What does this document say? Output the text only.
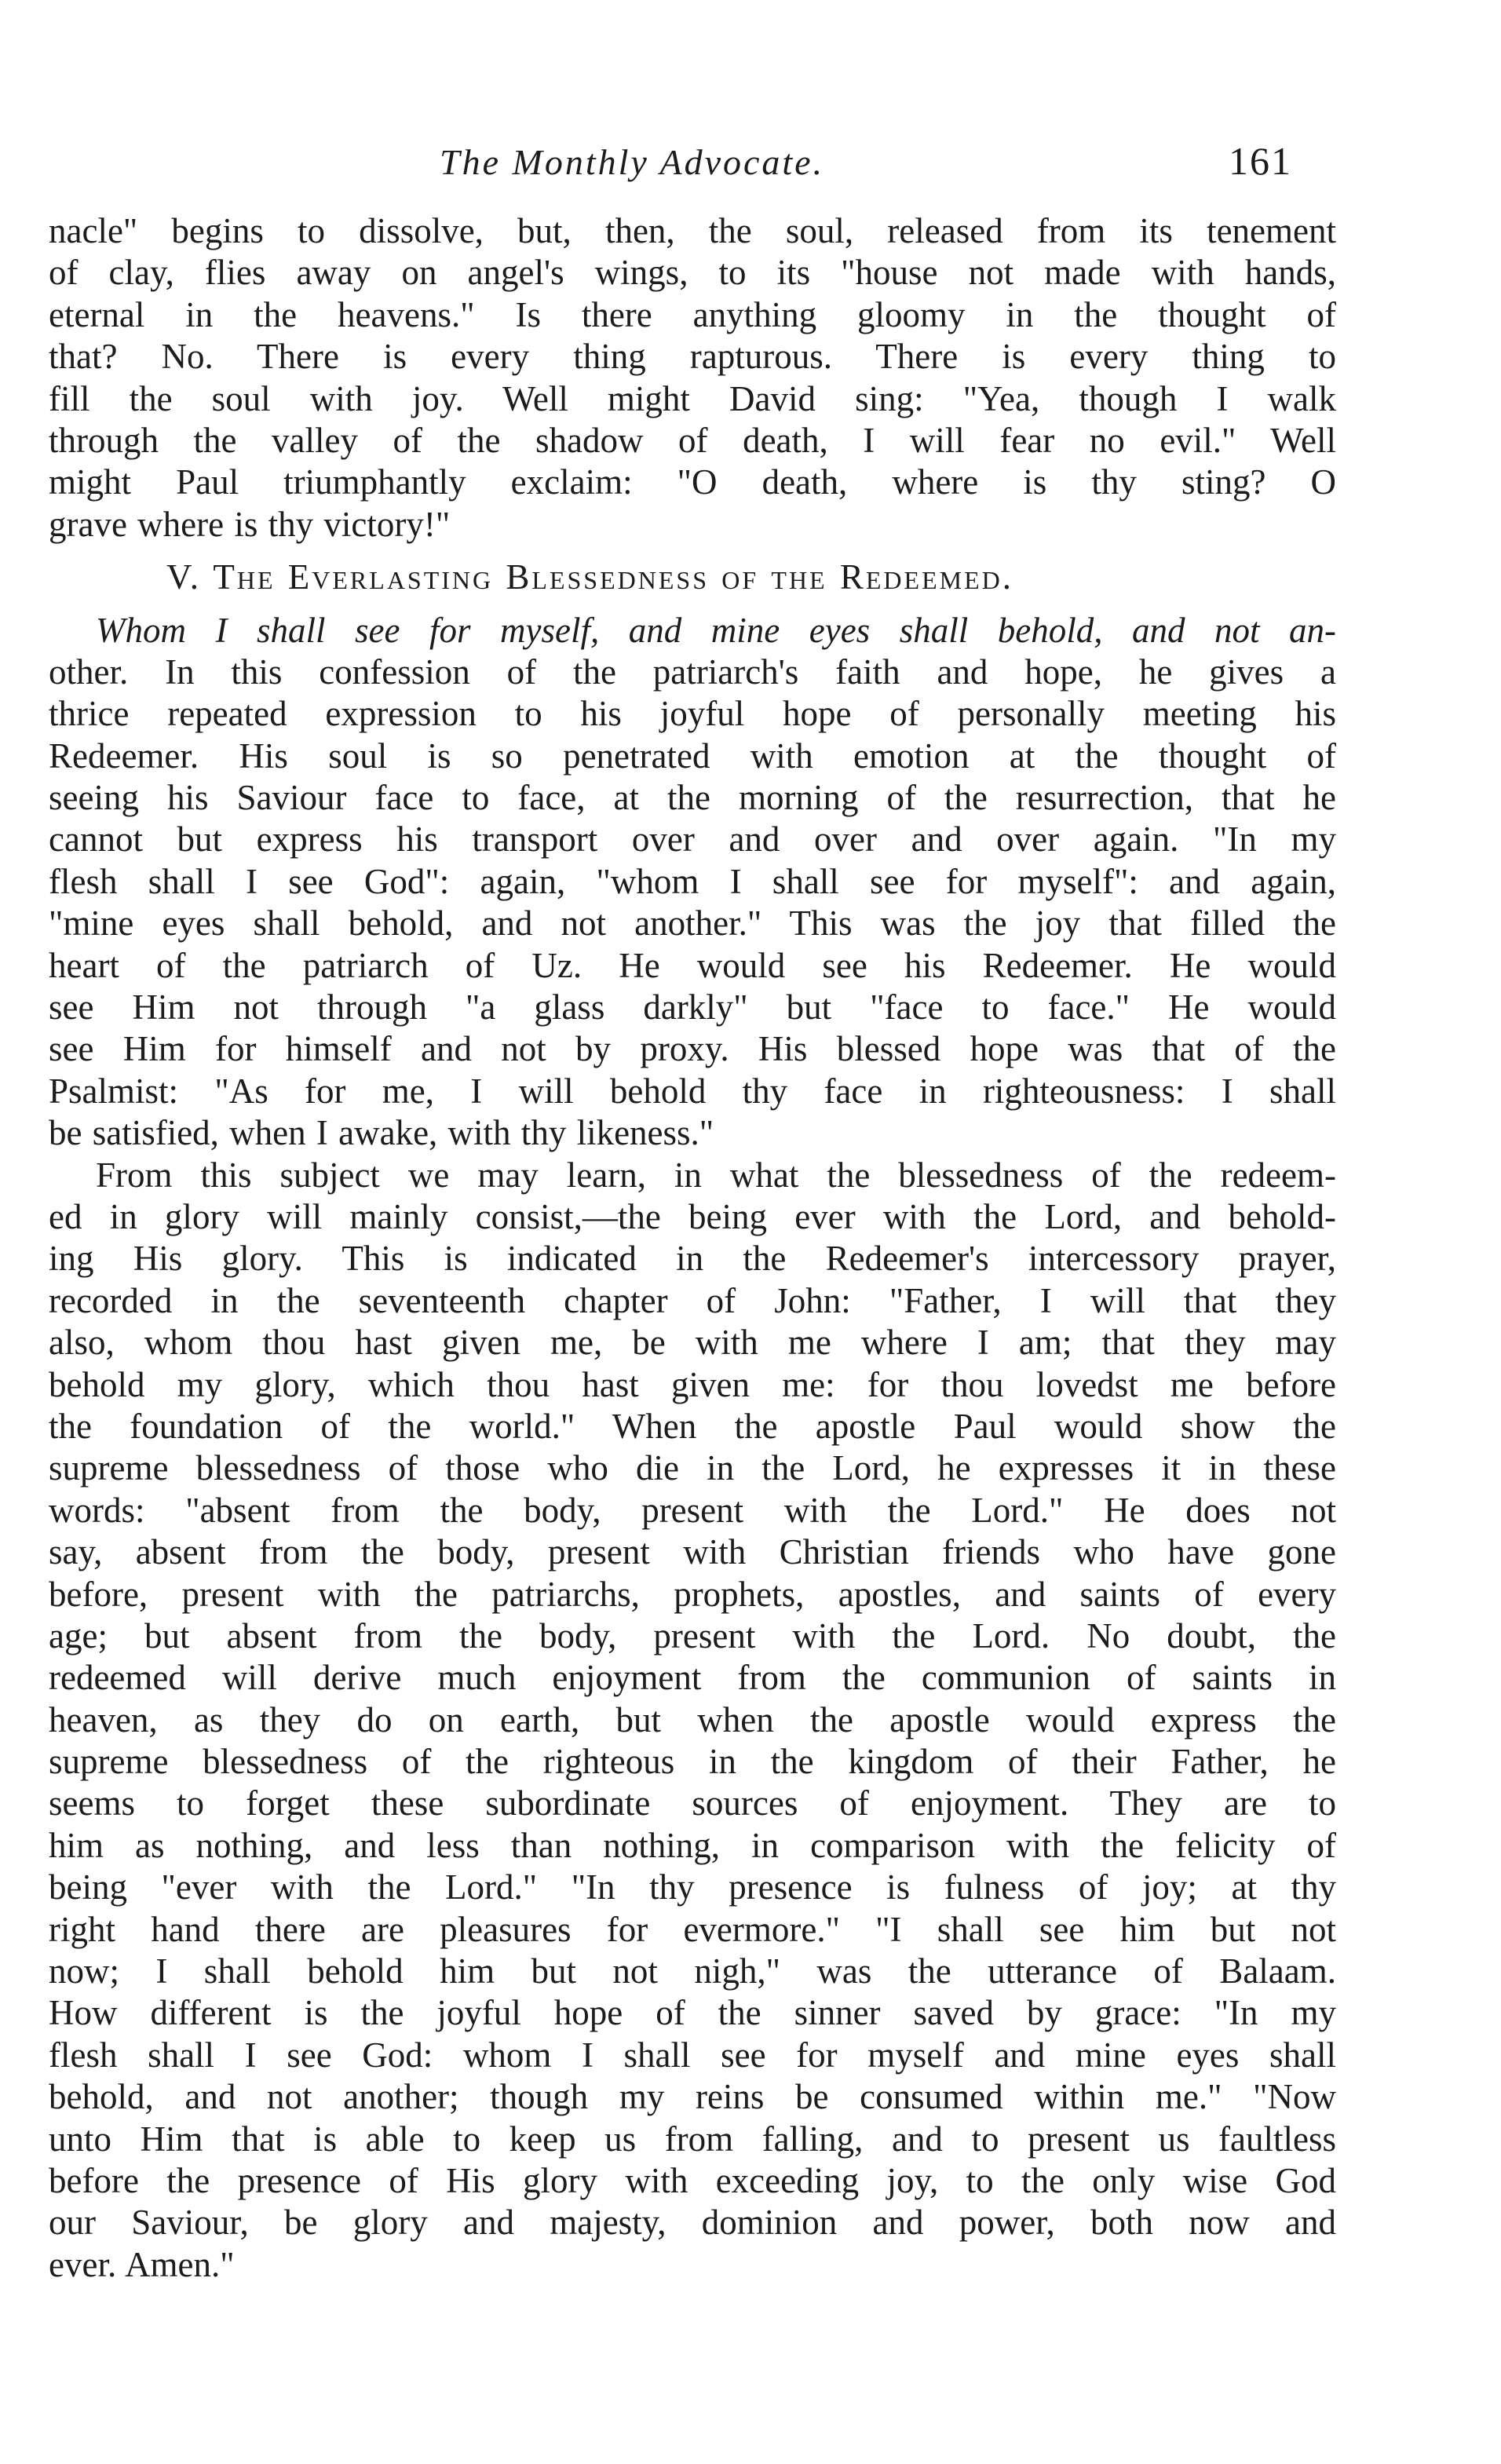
The Monthly Advocate.	161
nacle" begins to dissolve, but, then, the soul, released from its tenement
of clay, flies away on angel's wings, to its "house not made with hands,
eternal in the heavens." Is there anything gloomy in the thought of
that? No. There is every thing rapturous. There is every thing to
fill the soul with joy. Well might David sing: "Yea, though I walk
through the valley of the shadow of death, I will fear no evil." Well
might Paul triumphantly exclaim: "O death, where is thy sting? O
grave where is thy victory!"
V. The Everlasting Blessedness of the Redeemed.
Whom I shall see for myself, and mine eyes shall behold, and not an-
other. In this confession of the patriarch's faith and hope, he gives a
thrice repeated expression to his joyful hope of personally meeting his
Redeemer. His soul is so penetrated with emotion at the thought of
seeing his Saviour face to face, at the morning of the resurrection, that he
cannot but express his transport over and over and over again. "In my
flesh shall I see God": again, "whom I shall see for myself": and again,
"mine eyes shall behold, and not another." This was the joy that filled the
heart of the patriarch of Uz. He would see his Redeemer. He would
see Him not through "a glass darkly" but "face to face." He would
see Him for himself and not by proxy. His blessed hope was that of the
Psalmist: "As for me, I will behold thy face in righteousness: I shall
be satisfied, when I awake, with thy likeness."
From this subject we may learn, in what the blessedness of the redeem-
ed in glory will mainly consist,—the being ever with the Lord, and behold-
ing His glory. This is indicated in the Redeemer's intercessory prayer,
recorded in the seventeenth chapter of John: "Father, I will that they
also, whom thou hast given me, be with me where I am; that they may
behold my glory, which thou hast given me: for thou lovedst me before
the foundation of the world." When the apostle Paul would show the
supreme blessedness of those who die in the Lord, he expresses it in these
words: "absent from the body, present with the Lord." He does not
say, absent from the body, present with Christian friends who have gone
before, present with the patriarchs, prophets, apostles, and saints of every
age; but absent from the body, present with the Lord. No doubt, the
redeemed will derive much enjoyment from the communion of saints in
heaven, as they do on earth, but when the apostle would express the
supreme blessedness of the righteous in the kingdom of their Father, he
seems to forget these subordinate sources of enjoyment. They are to
him as nothing, and less than nothing, in comparison with the felicity of
being "ever with the Lord." "In thy presence is fulness of joy; at thy
right hand there are pleasures for evermore." "I shall see him but not
now; I shall behold him but not nigh," was the utterance of Balaam.
How different is the joyful hope of the sinner saved by grace: "In my
flesh shall I see God: whom I shall see for myself and mine eyes shall
behold, and not another; though my reins be consumed within me." "Now
unto Him that is able to keep us from falling, and to present us faultless
before the presence of His glory with exceeding joy, to the only wise God
our Saviour, be glory and majesty, dominion and power, both now and
ever. Amen."
